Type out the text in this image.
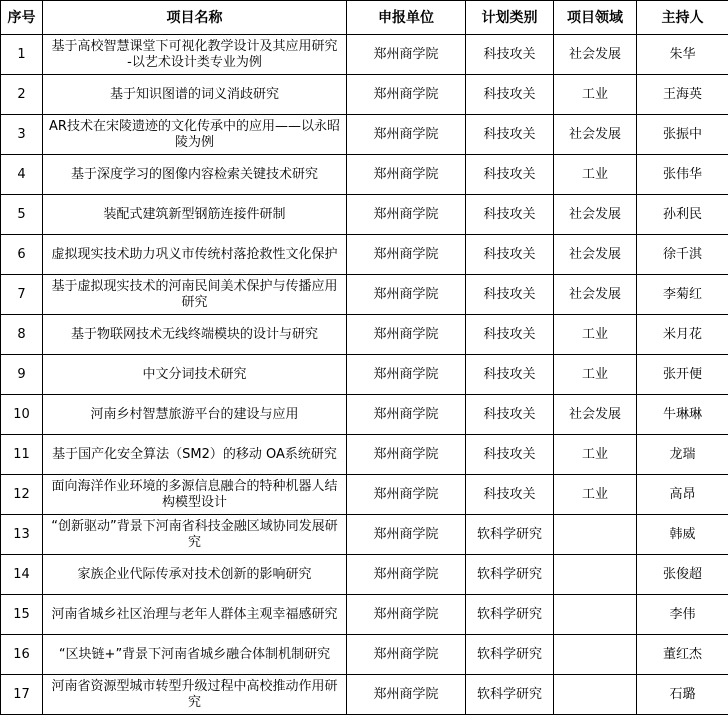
序号	项目名称	申报单位	计划类别	项目领域	主持人
1	基于高校智慧课堂下可视化教学设计及其应用研究 -以艺术设计类专业为例	郑州商学院	科技攻关	社会发展	朱华
2	基于知识图谱的词义消歧研究	郑州商学院	科技攻关	工业	王海英
3	AR技术在宋陵遗迹的文化传承中的应用——以永昭陵为例	郑州商学院	科技攻关	社会发展	张振中
4	基于深度学习的图像内容检索关键技术研究	郑州商学院	科技攻关	工业	张伟华
5	装配式建筑新型钢筋连接件研制	郑州商学院	科技攻关	社会发展	孙利民
6	虚拟现实技术助力巩义市传统村落抢救性文化保护	郑州商学院	科技攻关	社会发展	徐千淇
7	基于虚拟现实技术的河南民间美术保护与传播应用研究	郑州商学院	科技攻关	社会发展	李菊红
8	基于物联网技术无线终端模块的设计与研究	郑州商学院	科技攻关	工业	米月花
9	中文分词技术研究	郑州商学院	科技攻关	工业	张开便
10	河南乡村智慧旅游平台的建设与应用	郑州商学院	科技攻关	社会发展	牛琳琳
11	基于国产化安全算法（SM2）的移动 OA系统研究	郑州商学院	科技攻关	工业	龙瑞
12	面向海洋作业环境的多源信息融合的特种机器人结构模型设计	郑州商学院	科技攻关	工业	高昂
13	“创新驱动”背景下河南省科技金融区域协同发展研究	郑州商学院	软科学研究		韩威
14	家族企业代际传承对技术创新的影响研究	郑州商学院	软科学研究		张俊超
15	河南省城乡社区治理与老年人群体主观幸福感研究	郑州商学院	软科学研究		李伟
16	“区块链+”背景下河南省城乡融合体制机制研究	郑州商学院	软科学研究		董红杰
17	河南省资源型城市转型升级过程中高校推动作用研究	郑州商学院	软科学研究		石璐
